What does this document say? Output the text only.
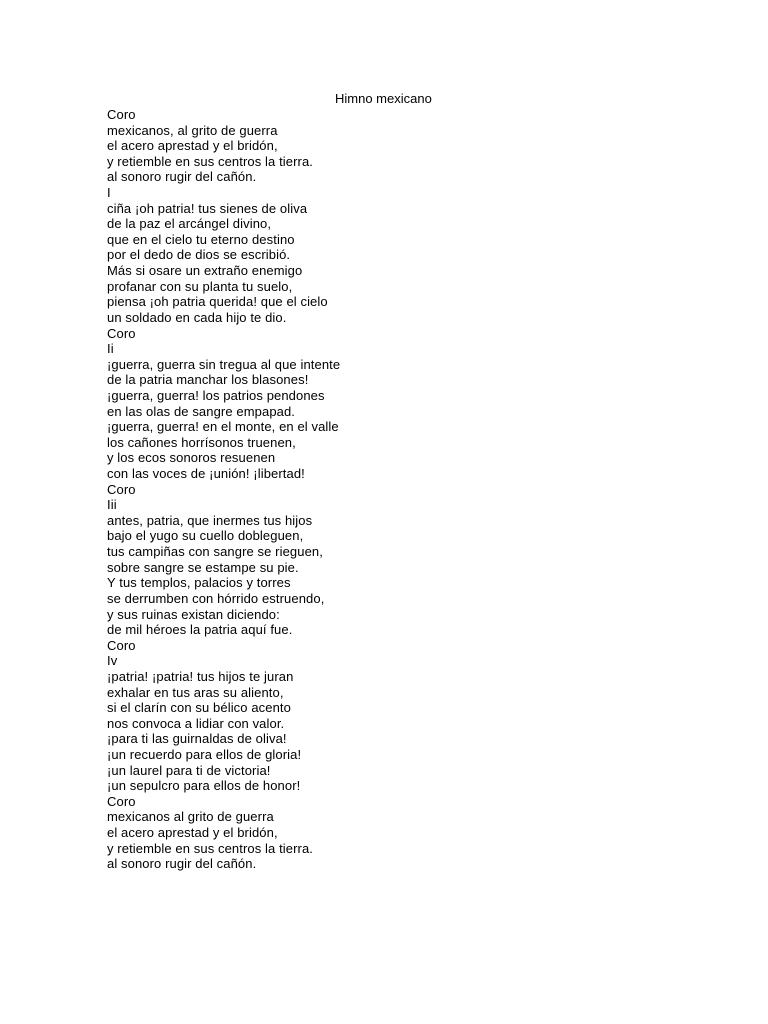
Himno mexicano
Coro
mexicanos, al grito de guerra
el acero aprestad y el bridón,
y retiemble en sus centros la tierra.
al sonoro rugir del cañón.
I
ciña ¡oh patria! tus sienes de oliva
de la paz el arcángel divino,
que en el cielo tu eterno destino
por el dedo de dios se escribió.
Más si osare un extraño enemigo
profanar con su planta tu suelo,
piensa ¡oh patria querida! que el cielo
un soldado en cada hijo te dio.
Coro
Ii
¡guerra, guerra sin tregua al que intente
de la patria manchar los blasones!
¡guerra, guerra! los patrios pendones
en las olas de sangre empapad.
¡guerra, guerra! en el monte, en el valle
los cañones horrísonos truenen,
y los ecos sonoros resuenen
con las voces de ¡unión! ¡libertad!
Coro
Iii
antes, patria, que inermes tus hijos
bajo el yugo su cuello dobleguen,
tus campiñas con sangre se rieguen,
sobre sangre se estampe su pie.
Y tus templos, palacios y torres
se derrumben con hórrido estruendo,
y sus ruinas existan diciendo:
de mil héroes la patria aquí fue.
Coro
Iv
¡patria! ¡patria! tus hijos te juran
exhalar en tus aras su aliento,
si el clarín con su bélico acento
nos convoca a lidiar con valor.
¡para ti las guirnaldas de oliva!
¡un recuerdo para ellos de gloria!
¡un laurel para ti de victoria!
¡un sepulcro para ellos de honor!
Coro
mexicanos al grito de guerra
el acero aprestad y el bridón,
y retiemble en sus centros la tierra.
al sonoro rugir del cañón.
